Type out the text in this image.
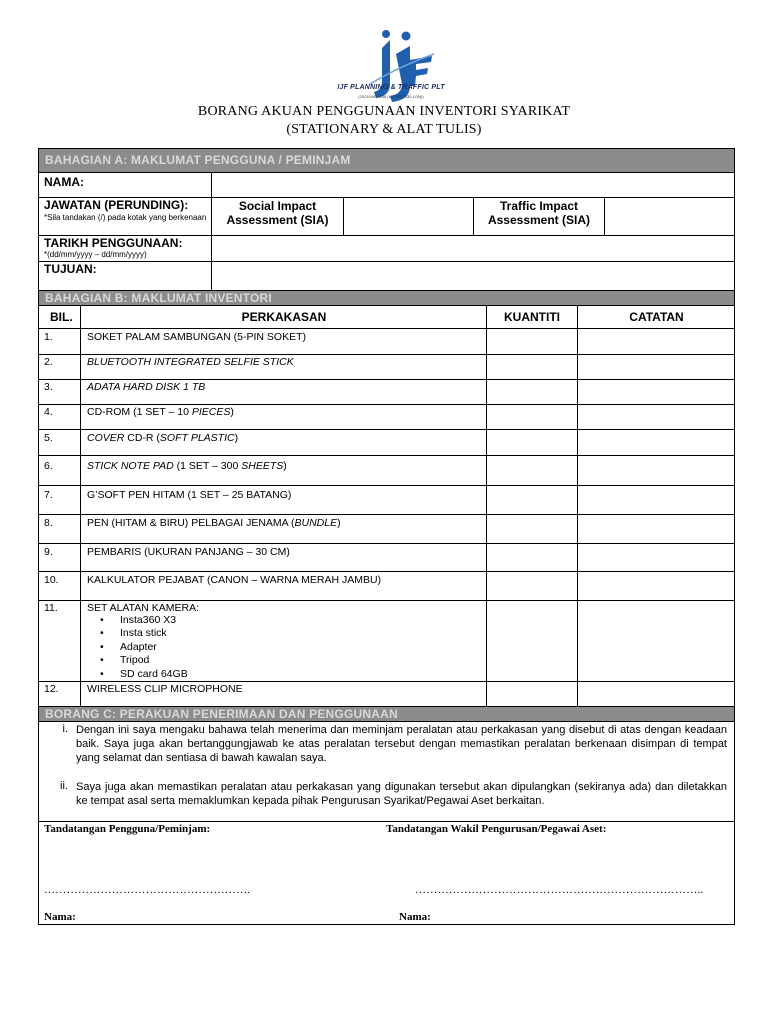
IJF PLANNING & TRAFFIC PLT
(202104000158 (LLP0027530-LGN))
BORANG AKUAN PENGGUNAAN INVENTORI SYARIKAT
(STATIONARY & ALAT TULIS)
BAHAGIAN A: MAKLUMAT PENGGUNA / PEMINJAM
NAMA:
JAWATAN (PERUNDING):
*Sila tandakan (/) pada kotak yang berkenaan
Social Impact
Assessment (SIA)
Traffic Impact
Assessment (SIA)
TARIKH PENGGUNAAN:
*(dd/mm/yyyy – dd/mm/yyyy)
TUJUAN:
BAHAGIAN B: MAKLUMAT INVENTORI
BIL.	PERKAKASAN	KUANTITI	CATATAN
1.	SOKET PALAM SAMBUNGAN (5-PIN SOKET)
2.	BLUETOOTH INTEGRATED SELFIE STICK
3.	ADATA HARD DISK 1 TB
4.	CD-ROM (1 SET – 10 PIECES)
5.	COVER CD-R (SOFT PLASTIC)
6.	STICK NOTE PAD (1 SET – 300 SHEETS)
7.	G’SOFT PEN HITAM (1 SET – 25 BATANG)
8.	PEN (HITAM & BIRU) PELBAGAI JENAMA (BUNDLE)
9.	PEMBARIS (UKURAN PANJANG – 30 CM)
10.	KALKULATOR PEJABAT (CANON – WARNA MERAH JAMBU)
11.	SET ALATAN KAMERA:
• Insta360 X3
• Insta stick
• Adapter
• Tripod
• SD card 64GB
12.	WIRELESS CLIP MICROPHONE
BORANG C: PERAKUAN PENERIMAAN DAN PENGGUNAAN
i. Dengan ini saya mengaku bahawa telah menerima dan meminjam peralatan atau perkakasan yang disebut di atas dengan keadaan baik. Saya juga akan bertanggungjawab ke atas peralatan tersebut dengan memastikan peralatan berkenaan disimpan di tempat yang selamat dan sentiasa di bawah kawalan saya.
ii. Saya juga akan memastikan peralatan atau perkakasan yang digunakan tersebut akan dipulangkan (sekiranya ada) dan diletakkan ke tempat asal serta memaklumkan kepada pihak Pengurusan Syarikat/Pegawai Aset berkaitan.
Tandatangan Pengguna/Peminjam:	Tandatangan Wakil Pengurusan/Pegawai Aset:
……………………………………………….	…………………………………………………………………..
Nama:	Nama:
